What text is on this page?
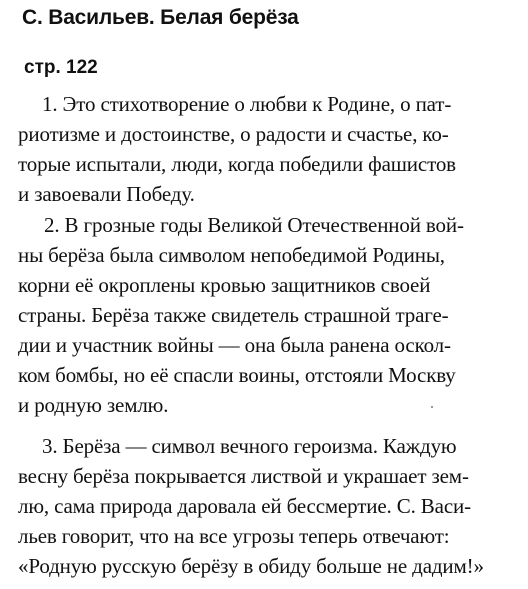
С. Васильев. Белая берёза
стр. 122
1. Это стихотворение о любви к Родине, о пат-
риотизме и достоинстве, о радости и счастье, ко-
торые испытали, люди, когда победили фашистов
и завоевали Победу.
2. В грозные годы Великой Отечественной вой-
ны берёза была символом непобедимой Родины,
корни её окроплены кровью защитников своей
страны. Берёза также свидетель страшной траге-
дии и участник войны — она была ранена оскол-
ком бомбы, но её спасли воины, отстояли Москву
и родную землю.
3. Берёза — символ вечного героизма. Каждую
весну берёза покрывается листвой и украшает зем-
лю, сама природа даровала ей бессмертие. С. Васи-
льев говорит, что на все угрозы теперь отвечают:
«Родную русскую берёзу в обиду больше не дадим!»
